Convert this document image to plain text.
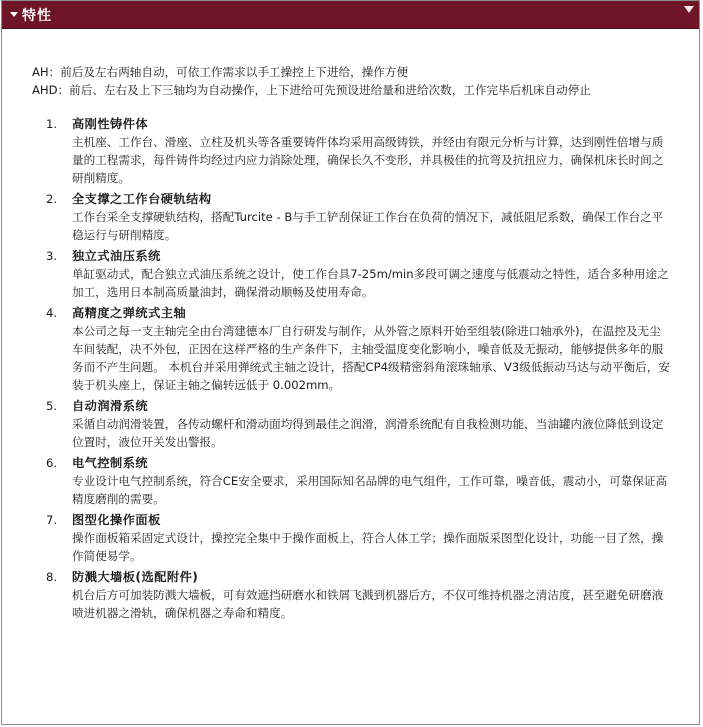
特性

AH：前后及左右两轴自动，可依工作需求以手工操控上下进给，操作方便

AHD：前后、左右及上下三轴均为自动操作，上下进给可先预设进给量和进给次数，工作完毕后机床自动停止

1.	高刚性铸件体
主机座、工作台、滑座、立柱及机头等各重要铸件体均采用高级铸铁，并经由有限元分析与计算，达到刚性倍增与质量的工程需求，每件铸件均经过内应力消除处理，确保长久不变形，并具极佳的抗弯及抗扭应力，确保机床长时间之研削精度。
2.	全支撑之工作台硬轨结构
工作台采全支撑硬轨结构，搭配Turcite - B与手工铲刮保证工作台在负荷的情况下，减低阻尼系数，确保工作台之平稳运行与研削精度。
3.	独立式油压系统
单缸驱动式，配合独立式油压系统之设计，使工作台具7-25m/min多段可调之速度与低震动之特性，适合多种用途之加工，选用日本制高质量油封，确保滑动顺畅及使用寿命。
4.	高精度之弹统式主轴
本公司之每一支主轴完全由台湾建德本厂自行研发与制作，从外管之原料开始至组装(除进口轴承外)，在温控及无尘车间装配，决不外包，正因在这样严格的生产条件下，主轴受温度变化影响小，噪音低及无振动，能够提供多年的服务而不产生问题。 本机台并采用弹统式主轴之设计，搭配CP4级精密斜角滚珠轴承、V3级低振动马达与动平衡后，安装于机头座上，保证主轴之偏转远低于 0.002mm。
5.	自动润滑系统
采循自动润滑装置，各传动螺杆和滑动面均得到最佳之润滑，润滑系统配有自我检测功能，当油罐内液位降低到设定位置时，液位开关发出警报。
6.	电气控制系统
专业设计电气控制系统，符合CE安全要求，采用国际知名品牌的电气组件，工作可靠，噪音低，震动小，可靠保证高精度磨削的需要。
7.	图型化操作面板
操作面板箱采固定式设计，操控完全集中于操作面板上，符合人体工学；操作面版采图型化设计，功能一目了然，操作简便易学。
8.	防溅大墙板(选配附件)
机台后方可加装防溅大墙板，可有效遮挡研磨水和铁屑飞溅到机器后方，不仅可维持机器之清洁度，甚至避免研磨液喷进机器之滑轨，确保机器之寿命和精度。
